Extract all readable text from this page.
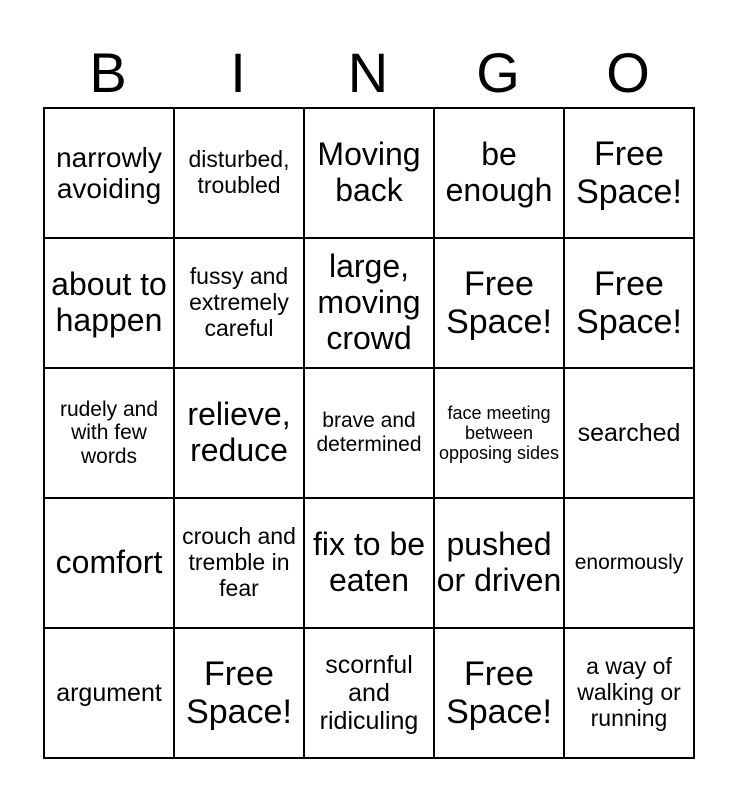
B	I	N	G	O
narrowly avoiding	disturbed, troubled	Moving back	be enough	Free Space!
about to happen	fussy and extremely careful	large, moving crowd	Free Space!	Free Space!
rudely and with few words	relieve, reduce	brave and determined	face meeting between opposing sides	searched
comfort	crouch and tremble in fear	fix to be eaten	pushed or driven	enormously
argument	Free Space!	scornful and ridiculing	Free Space!	a way of walking or running
